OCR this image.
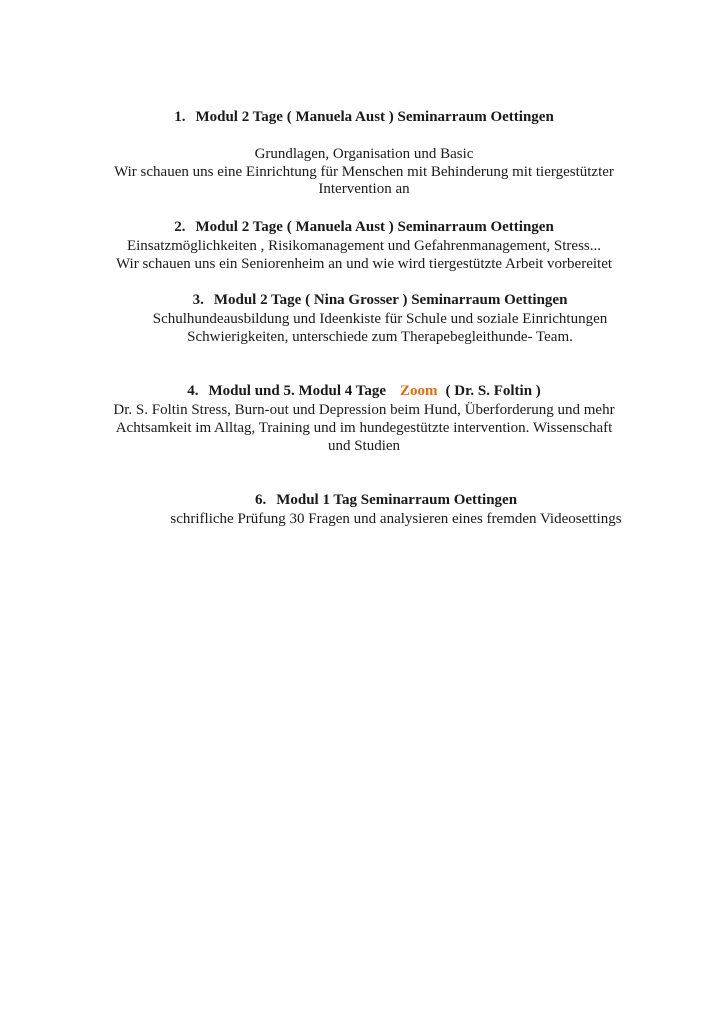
1. Modul 2 Tage ( Manuela Aust ) Seminarraum Oettingen
Grundlagen, Organisation und Basic
Wir schauen uns eine Einrichtung für Menschen mit Behinderung mit tiergestützter
Intervention an
2. Modul 2 Tage ( Manuela Aust ) Seminarraum Oettingen
Einsatzmöglichkeiten , Risikomanagement und Gefahrenmanagement, Stress...
Wir schauen uns ein Seniorenheim an und wie wird tiergestützte Arbeit vorbereitet
3. Modul 2 Tage ( Nina Grosser ) Seminarraum Oettingen
Schulhundeausbildung und Ideenkiste für Schule und soziale Einrichtungen
Schwierigkeiten, unterschiede zum Therapebegleithunde- Team.
4. Modul und 5. Modul 4 Tage Zoom ( Dr. S. Foltin )
Dr. S. Foltin Stress, Burn-out und Depression beim Hund, Überforderung und mehr
Achtsamkeit im Alltag, Training und im hundegestützte intervention. Wissenschaft
und Studien
6. Modul 1 Tag Seminarraum Oettingen
schrifliche Prüfung 30 Fragen und analysieren eines fremden Videosettings
